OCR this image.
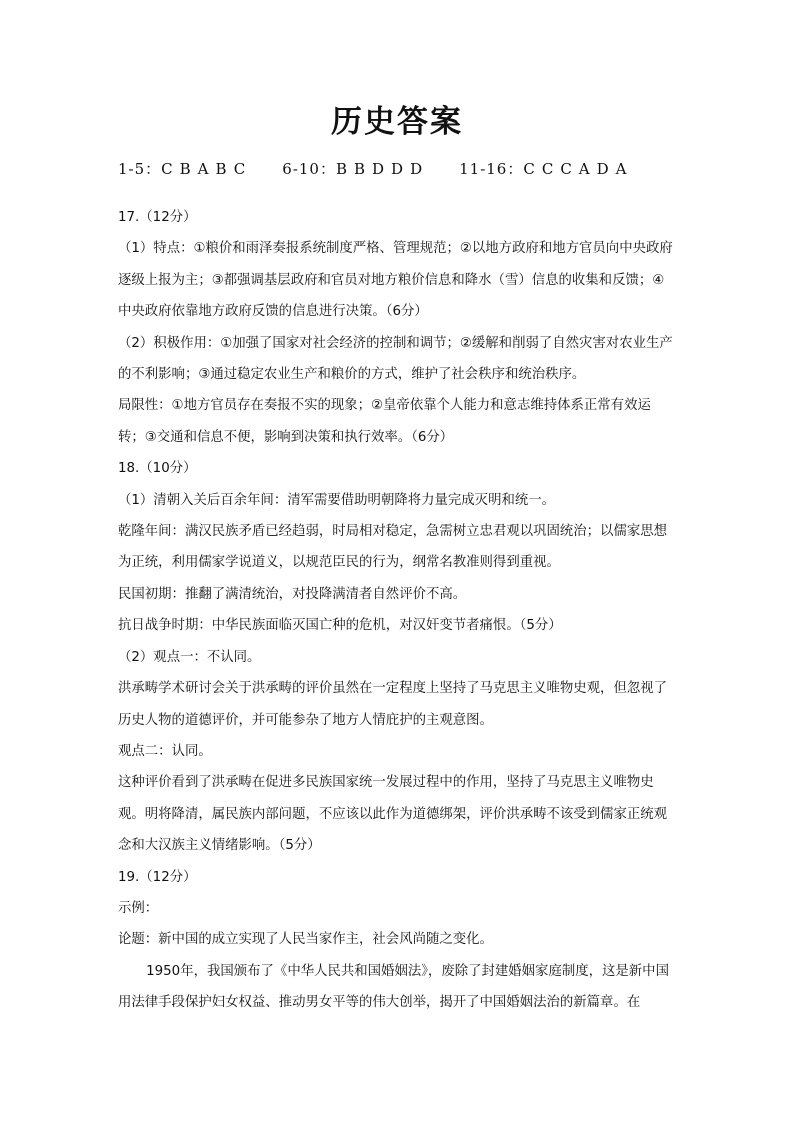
历史答案
1-5：CBABC 6-10：BBDDD 11-16：CCCADA

17.（12分）

（1）特点：①粮价和雨泽奏报系统制度严格、管理规范；②以地方政府和地方官员向中央政府逐级上报为主；③都强调基层政府和官员对地方粮价信息和降水（雪）信息的收集和反馈；④中央政府依靠地方政府反馈的信息进行决策。（6分）

（2）积极作用：①加强了国家对社会经济的控制和调节；②缓解和削弱了自然灾害对农业生产的不利影响；③通过稳定农业生产和粮价的方式，维护了社会秩序和统治秩序。

局限性：①地方官员存在奏报不实的现象；②皇帝依靠个人能力和意志维持体系正常有效运转；③交通和信息不便，影响到决策和执行效率。（6分）

18.（10分）

（1）清朝入关后百余年间：清军需要借助明朝降将力量完成灭明和统一。

乾隆年间：满汉民族矛盾已经趋弱，时局相对稳定，急需树立忠君观以巩固统治；以儒家思想为正统，利用儒家学说道义，以规范臣民的行为，纲常名教准则得到重视。

民国初期：推翻了满清统治，对投降满清者自然评价不高。

抗日战争时期：中华民族面临灭国亡种的危机，对汉奸变节者痛恨。（5分）

（2）观点一：不认同。

洪承畴学术研讨会关于洪承畴的评价虽然在一定程度上坚持了马克思主义唯物史观，但忽视了历史人物的道德评价，并可能参杂了地方人情庇护的主观意图。

观点二：认同。

这种评价看到了洪承畴在促进多民族国家统一发展过程中的作用，坚持了马克思主义唯物史观。明将降清，属民族内部问题，不应该以此作为道德绑架，评价洪承畴不该受到儒家正统观念和大汉族主义情绪影响。（5分）

19.（12分）

示例：

论题：新中国的成立实现了人民当家作主，社会风尚随之变化。

1950年，我国颁布了《中华人民共和国婚姻法》，废除了封建婚姻家庭制度，这是新中国用法律手段保护妇女权益、推动男女平等的伟大创举，揭开了中国婚姻法治的新篇章。在
